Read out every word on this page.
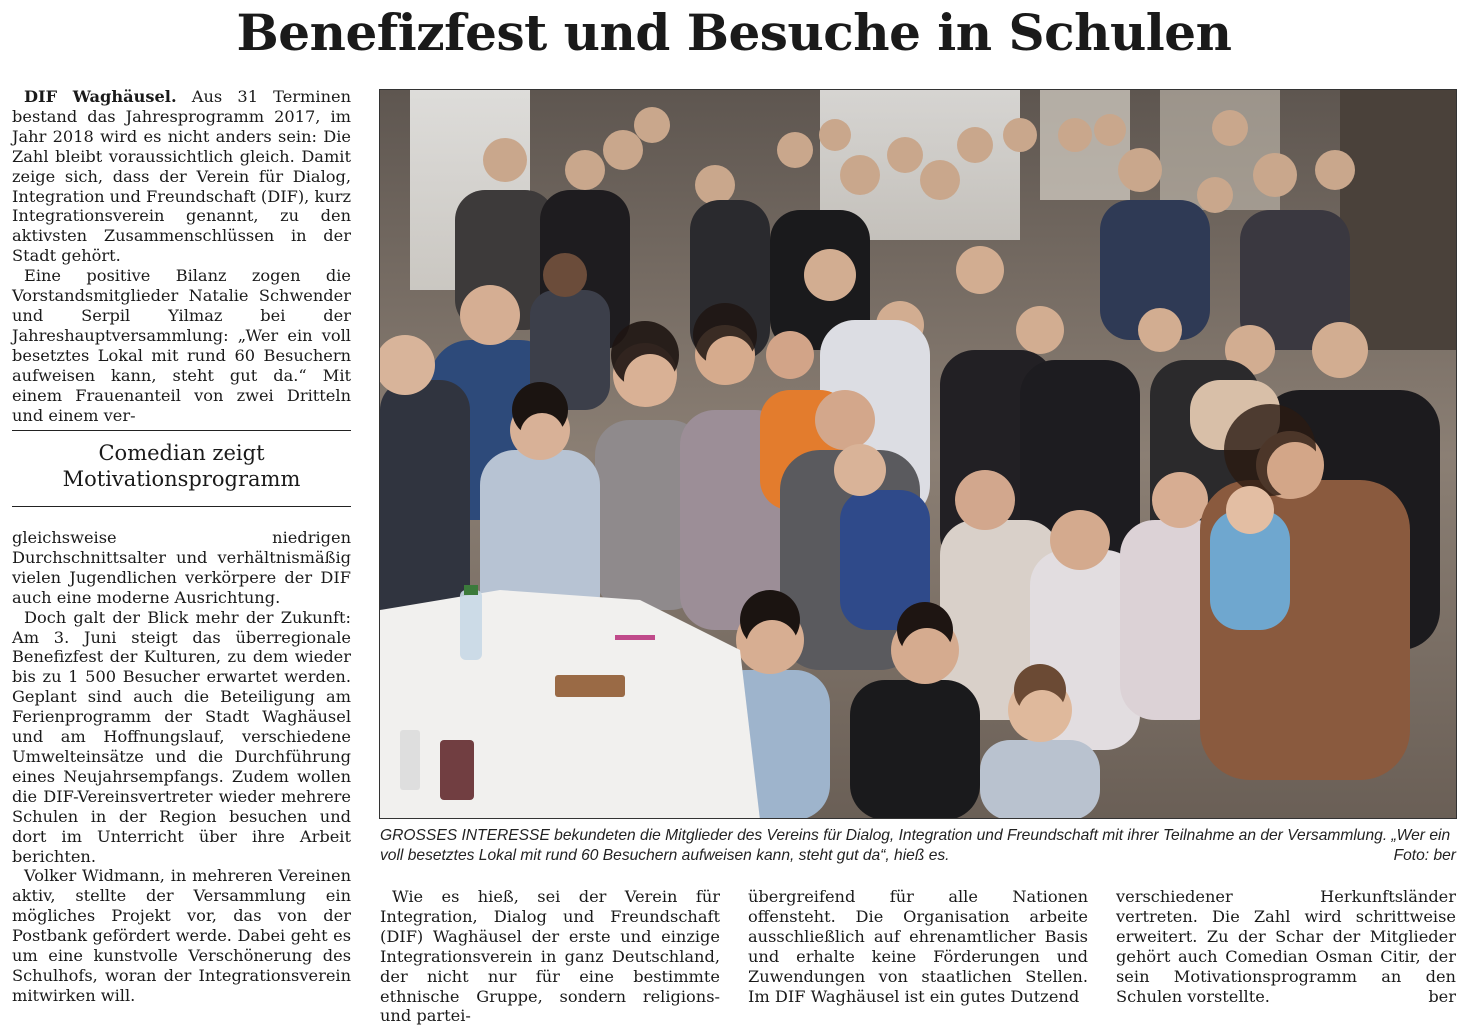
Benefizfest und Besuche in Schulen

DIF Waghäusel. Aus 31 Terminen bestand das Jahresprogramm 2017, im Jahr 2018 wird es nicht anders sein: Die Zahl bleibt voraussichtlich gleich. Damit zeige sich, dass der Verein für Dialog, Integration und Freundschaft (DIF), kurz Integrationsverein genannt, zu den aktivsten Zusammenschlüssen in der Stadt gehört.

Eine positive Bilanz zogen die Vorstandsmitglieder Natalie Schwender und Serpil Yilmaz bei der Jahreshauptversammlung: „Wer ein voll besetztes Lokal mit rund 60 Besuchern aufweisen kann, steht gut da.“ Mit einem Frauenanteil von zwei Dritteln und einem ver-

Comedian zeigt
Motivationsprogramm

gleichsweise niedrigen Durchschnittsalter und verhältnismäßig vielen Jugendlichen verkörpere der DIF auch eine moderne Ausrichtung.

Doch galt der Blick mehr der Zukunft: Am 3. Juni steigt das überregionale Benefizfest der Kulturen, zu dem wieder bis zu 1 500 Besucher erwartet werden. Geplant sind auch die Beteiligung am Ferienprogramm der Stadt Waghäusel und am Hoffnungslauf, verschiedene Umwelteinsätze und die Durchführung eines Neujahrsempfangs. Zudem wollen die DIF-Vereinsvertreter wieder mehrere Schulen in der Region besuchen und dort im Unterricht über ihre Arbeit berichten.

Volker Widmann, in mehreren Vereinen aktiv, stellte der Versammlung ein mögliches Projekt vor, das von der Postbank gefördert werde. Dabei geht es um eine kunstvolle Verschönerung des Schulhofs, woran der Integrationsverein mitwirken will.

GROSSES INTERESSE bekundeten die Mitglieder des Vereins für Dialog, Integration und Freundschaft mit ihrer Teilnahme an der Versammlung. „Wer ein voll besetztes Lokal mit rund 60 Besuchern aufweisen kann, steht gut da“, hieß es.	Foto: ber

Wie es hieß, sei der Verein für Integration, Dialog und Freundschaft (DIF) Waghäusel der erste und einzige Integrationsverein in ganz Deutschland, der nicht nur für eine bestimmte ethnische Gruppe, sondern religions- und partei-

übergreifend für alle Nationen offensteht. Die Organisation arbeite ausschließlich auf ehrenamtlicher Basis und erhalte keine Förderungen und Zuwendungen von staatlichen Stellen. Im DIF Waghäusel ist ein gutes Dutzend

verschiedener Herkunftsländer vertreten. Die Zahl wird schrittweise erweitert. Zu der Schar der Mitglieder gehört auch Comedian Osman Citir, der sein Motivationsprogramm an den Schulen vorstellte.	ber
